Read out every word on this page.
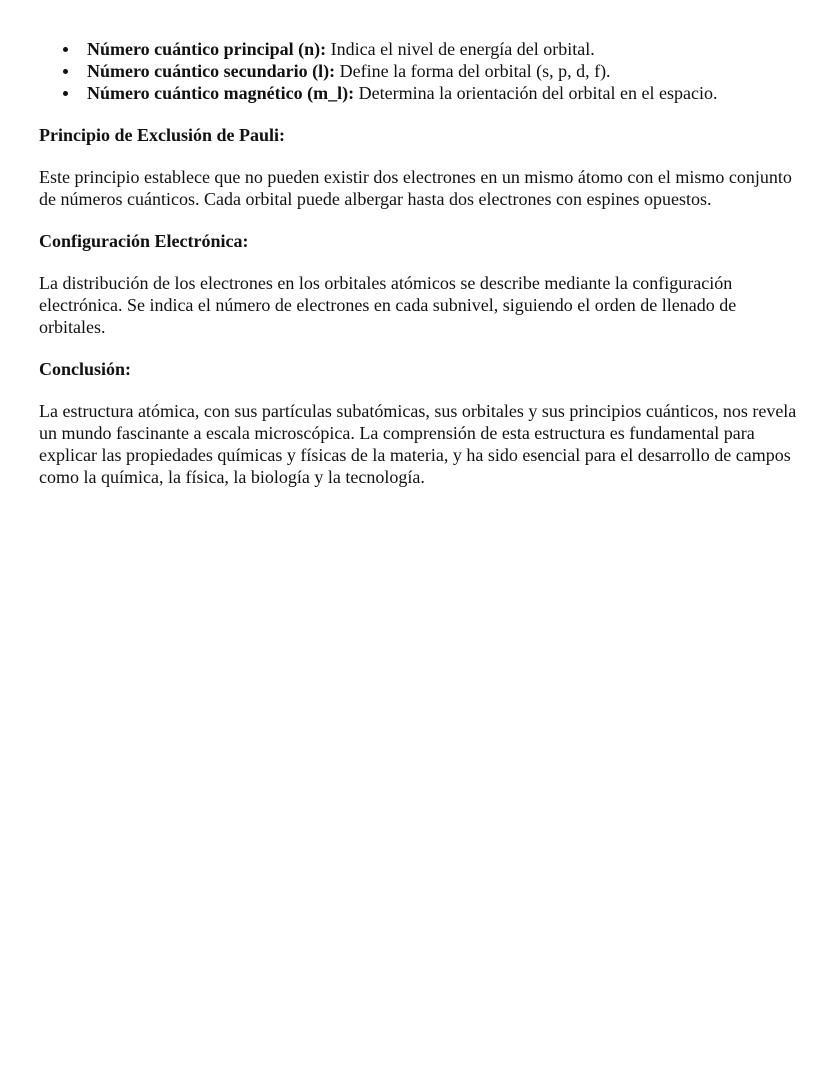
Número cuántico principal (n): Indica el nivel de energía del orbital.
Número cuántico secundario (l): Define la forma del orbital (s, p, d, f).
Número cuántico magnético (m_l): Determina la orientación del orbital en el espacio.
Principio de Exclusión de Pauli:

Este principio establece que no pueden existir dos electrones en un mismo átomo con el mismo conjunto de números cuánticos. Cada orbital puede albergar hasta dos electrones con espines opuestos.

Configuración Electrónica:

La distribución de los electrones en los orbitales atómicos se describe mediante la configuración electrónica. Se indica el número de electrones en cada subnivel, siguiendo el orden de llenado de orbitales.

Conclusión:

La estructura atómica, con sus partículas subatómicas, sus orbitales y sus principios cuánticos, nos revela un mundo fascinante a escala microscópica. La comprensión de esta estructura es fundamental para explicar las propiedades químicas y físicas de la materia, y ha sido esencial para el desarrollo de campos como la química, la física, la biología y la tecnología.
